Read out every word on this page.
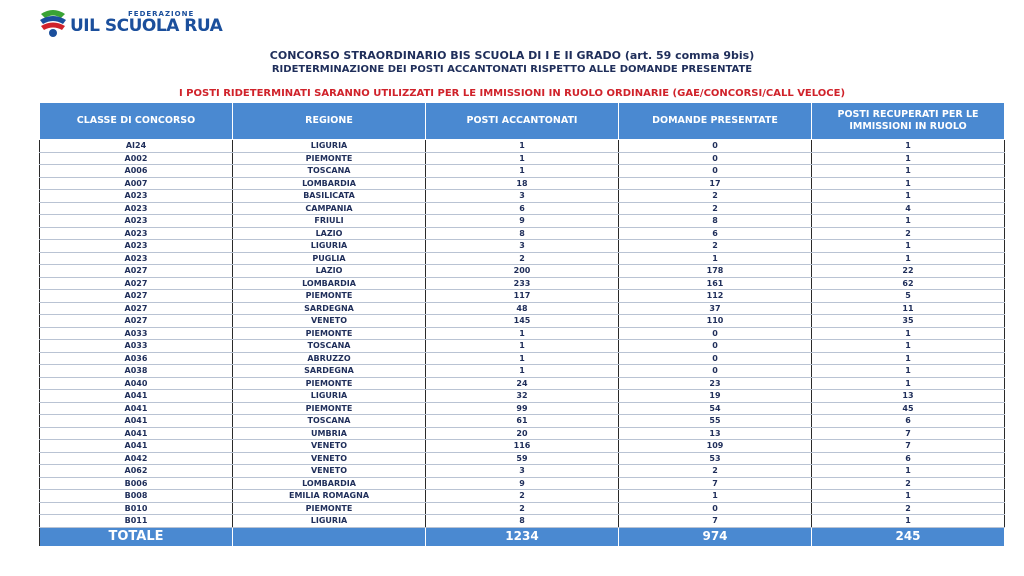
FEDERAZIONE
UIL SCUOLA RUA
CONCORSO STRAORDINARIO BIS SCUOLA DI I E II GRADO (art. 59 comma 9bis)
RIDETERMINAZIONE DEI POSTI ACCANTONATI RISPETTO ALLE DOMANDE PRESENTATE
I POSTI RIDETERMINATI SARANNO UTILIZZATI PER LE IMMISSIONI IN RUOLO ORDINARIE (GAE/CONCORSI/CALL VELOCE)
CLASSE DI CONCORSO	REGIONE	POSTI ACCANTONATI	DOMANDE PRESENTATE	POSTI RECUPERATI PER LE IMMISSIONI IN RUOLO
AI24	LIGURIA	1	0	1
A002	PIEMONTE	1	0	1
A006	TOSCANA	1	0	1
A007	LOMBARDIA	18	17	1
A023	BASILICATA	3	2	1
A023	CAMPANIA	6	2	4
A023	FRIULI	9	8	1
A023	LAZIO	8	6	2
A023	LIGURIA	3	2	1
A023	PUGLIA	2	1	1
A027	LAZIO	200	178	22
A027	LOMBARDIA	233	161	62
A027	PIEMONTE	117	112	5
A027	SARDEGNA	48	37	11
A027	VENETO	145	110	35
A033	PIEMONTE	1	0	1
A033	TOSCANA	1	0	1
A036	ABRUZZO	1	0	1
A038	SARDEGNA	1	0	1
A040	PIEMONTE	24	23	1
A041	LIGURIA	32	19	13
A041	PIEMONTE	99	54	45
A041	TOSCANA	61	55	6
A041	UMBRIA	20	13	7
A041	VENETO	116	109	7
A042	VENETO	59	53	6
A062	VENETO	3	2	1
B006	LOMBARDIA	9	7	2
B008	EMILIA ROMAGNA	2	1	1
B010	PIEMONTE	2	0	2
B011	LIGURIA	8	7	1
TOTALE		1234	974	245
